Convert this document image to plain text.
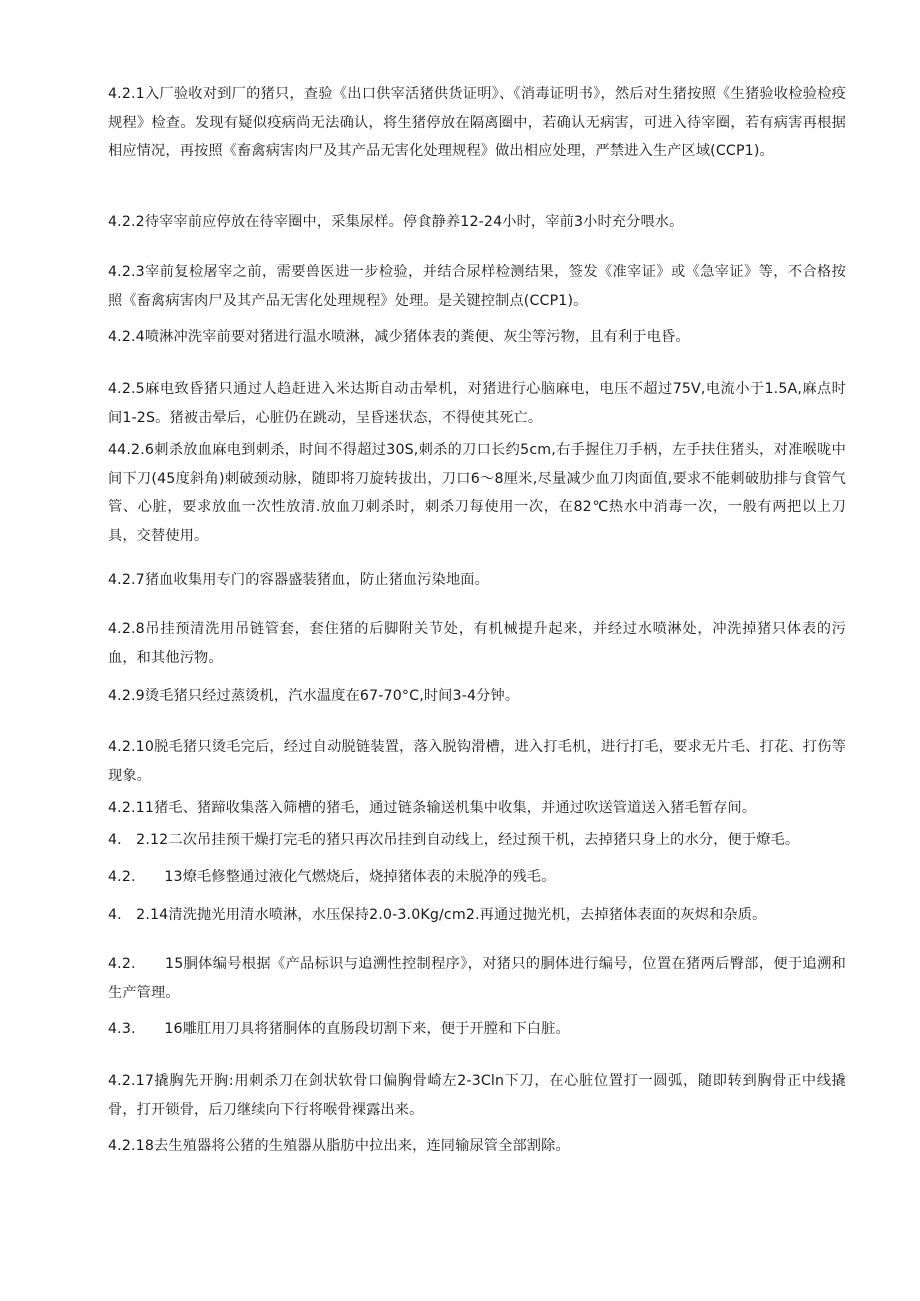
4.2.1入厂验收对到厂的猪只，查验《出口供宰活猪供货证明》、《消毒证明书》，然后对生猪按照《生猪验收检验检疫规程》检查。发现有疑似疫病尚无法确认，将生猪停放在隔离圈中，若确认无病害，可进入待宰圈，若有病害再根据相应情况，再按照《畜禽病害肉尸及其产品无害化处理规程》做出相应处理，严禁进入生产区域(CCP1)。

4.2.2待宰宰前应停放在待宰圈中，采集尿样。停食静养12-24小时，宰前3小时充分喂水。

4.2.3宰前复检屠宰之前，需要兽医进一步检验，并结合尿样检测结果，签发《准宰证》或《急宰证》等，不合格按照《畜禽病害肉尸及其产品无害化处理规程》处理。是关键控制点(CCP1)。

4.2.4喷淋冲洗宰前要对猪进行温水喷淋，减少猪体表的粪便、灰尘等污物，且有利于电昏。

4.2.5麻电致昏猪只通过人趋赶进入米达斯自动击晕机，对猪进行心脑麻电，电压不超过75V,电流小于1.5A,麻点时间1-2S。猪被击晕后，心脏仍在跳动，呈昏迷状态，不得使其死亡。

44.2.6刺杀放血麻电到刺杀，时间不得超过30S,刺杀的刀口长约5cm,右手握住刀手柄，左手扶住猪头，对准喉咙中间下刀(45度斜角)刺破颈动脉，随即将刀旋转拔出，刀口6～8厘米,尽量减少血刀肉面值,要求不能刺破肋排与食管气管、心脏，要求放血一次性放清.放血刀刺杀时，刺杀刀每使用一次，在82℃热水中消毒一次，一般有两把以上刀具，交替使用。

4.2.7猪血收集用专门的容器盛装猪血，防止猪血污染地面。

4.2.8吊挂预清洗用吊链管套，套住猪的后脚附关节处，有机械提升起来，并经过水喷淋处，冲洗掉猪只体表的污血，和其他污物。

4.2.9烫毛猪只经过蒸烫机，汽水温度在67-70°C,时间3-4分钟。

4.2.10脱毛猪只烫毛完后，经过自动脱链装置，落入脱钩滑槽，进入打毛机，进行打毛，要求无片毛、打花、打伤等现象。

4.2.11猪毛、猪蹄收集落入筛槽的猪毛，通过链条输送机集中收集，并通过吹送管道送入猪毛暂存间。

4.　2.12二次吊挂预干燥打完毛的猪只再次吊挂到自动线上，经过预干机，去掉猪只身上的水分，便于燎毛。

4.2.　　13燎毛修整通过液化气燃烧后，烧掉猪体表的未脱净的残毛。

4.　2.14清洗抛光用清水喷淋，水压保持2.0-3.0Kg∕cm2.再通过抛光机，去掉猪体表面的灰烬和杂质。

4.2.　　15胴体编号根据《产品标识与追溯性控制程序》，对猪只的胴体进行编号，位置在猪两后臀部，便于追溯和生产管理。

4.3.　　16雕肛用刀具将猪胴体的直肠段切割下来，便于开膛和下白脏。

4.2.17撬胸先开胸:用刺杀刀在剑状软骨口偏胸骨崎左2-3Cln下刀，在心脏位置打一圆弧，随即转到胸骨正中线撬骨，打开锁骨，后刀继续向下行将喉骨裸露出来。

4.2.18去生殖器将公猪的生殖器从脂肪中拉出来，连同输尿管全部割除。
